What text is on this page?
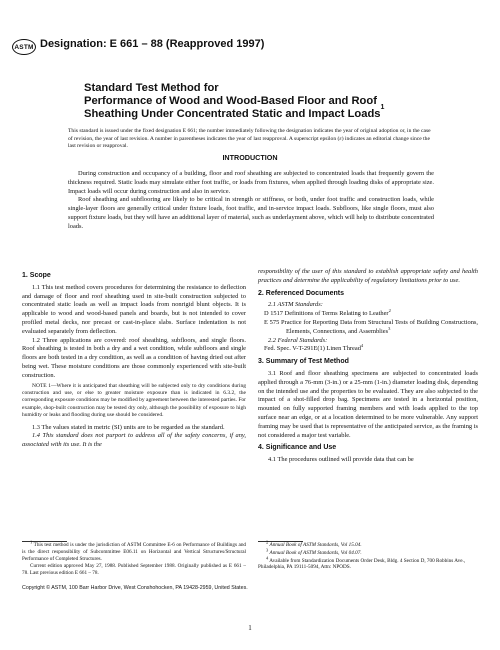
ASTM Designation: E 661 – 88 (Reapproved 1997)
Standard Test Method for
Performance of Wood and Wood-Based Floor and Roof
Sheathing Under Concentrated Static and Impact Loads$^1$
This standard is issued under the fixed designation E 661; the number immediately following the designation indicates the year of original adoption or, in the case of revision, the year of last revision. A number in parentheses indicates the year of last reapproval. A superscript epsilon (ε) indicates an editorial change since the last revision or reapproval.
INTRODUCTION

During construction and occupancy of a building, floor and roof sheathing are subjected to concentrated loads that frequently govern the thickness required. Static loads may simulate either foot traffic, or loads from fixtures, when applied through loading disks of appropriate size. Impact loads will occur during construction and also in service.

Roof sheathing and subflooring are likely to be critical in strength or stiffness, or both, under foot traffic and construction loads, while single-layer floors are generally critical under fixture loads, foot traffic, and in-service impact loads. Subfloors, like single floors, must also support fixture loads, but they will have an additional layer of material, such as underlayment above, which will help to distribute concentrated loads.

1. Scope

1.1 This test method covers procedures for determining the resistance to deflection and damage of floor and roof sheathing used in site-built construction subjected to concentrated static loads as well as impact loads from nonrigid blunt objects. It is applicable to wood and wood-based panels and boards, but is not intended to cover profiled metal decks, nor precast or cast-in-place slabs. Surface indentation is not evaluated separately from deflection.

1.2 Three applications are covered: roof sheathing, subfloors, and single floors. Roof sheathing is tested in both a dry and a wet condition, while subfloors and single floors are both tested in a dry condition, as well as a condition of having dried out after being wet. These moisture conditions are those commonly experienced with site-built construction.

NOTE 1—Where it is anticipated that sheathing will be subjected only to dry conditions during construction and use, or else to greater moisture exposure than is indicated in 6.3.2, the corresponding exposure conditions may be modified by agreement between the interested parties. For example, shop-built construction may be tested dry only, although the possibility of exposure to high humidity or leaks and flooding during use should be considered.

1.3 The values stated in metric (SI) units are to be regarded as the standard.

1.4 This standard does not purport to address all of the safety concerns, if any, associated with its use. It is the

responsibility of the user of this standard to establish appropriate safety and health practices and determine the applicability of regulatory limitations prior to use.

2. Referenced Documents

2.1 ASTM Standards:

D 1517 Definitions of Terms Relating to Leather$^2$

E 575 Practice for Reporting Data from Structural Tests of Building Constructions, Elements, Connections, and Assemblies$^3$

2.2 Federal Standards:

Fed. Spec. V-T-291E(1) Linen Thread$^4$

3. Summary of Test Method

3.1 Roof and floor sheathing specimens are subjected to concentrated loads applied through a 76-mm (3-in.) or a 25-mm (1-in.) diameter loading disk, depending on the intended use and the properties to be evaluated. They are also subjected to the impact of a shot-filled drop bag. Specimens are tested in a horizontal position, mounted on fully supported framing members and with loads applied to the top surface near an edge, or at a location determined to be more vulnerable. Any support framing may be used that is representative of the anticipated service, as the framing is not considered a major test variable.

4. Significance and Use

4.1 The procedures outlined will provide data that can be

1 This test method is under the jurisdiction of ASTM Committee E-6 on Performance of Buildings and is the direct responsibility of Subcommittee E06.11 on Horizontal and Vertical Structures/Structural Performance of Completed Structures.

Current edition approved May 27, 1988. Published September 1988. Originally published as E 661 – 78. Last previous edition E 661 – 78.

2 Annual Book of ASTM Standards, Vol 15.04.

3 Annual Book of ASTM Standards, Vol 04.07.

4 Available from Standardization Documents Order Desk, Bldg. 4 Section D, 700 Robbins Ave., Philadelphia, PA 19111-5094, Attn: NPODS.

Copyright © ASTM, 100 Barr Harbor Drive, West Conshohocken, PA 19428-2959, United States.
1
